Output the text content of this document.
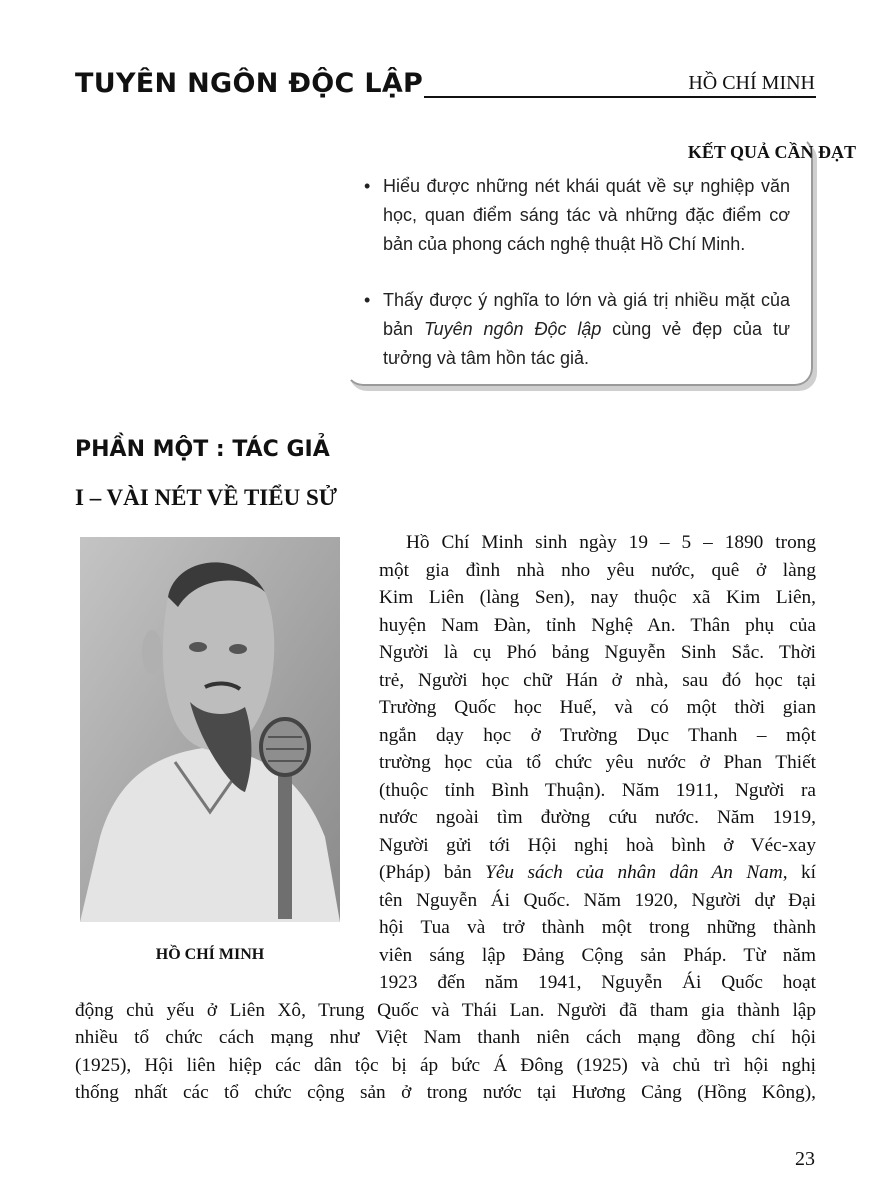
TUYÊN NGÔN ĐỘC LẬP	HỒ CHÍ MINH
KẾT QUẢ CẦN ĐẠT
• Hiểu được những nét khái quát về sự nghiệp văn học, quan điểm sáng tác và những đặc điểm cơ bản của phong cách nghệ thuật Hồ Chí Minh.
• Thấy được ý nghĩa to lớn và giá trị nhiều mặt của bản Tuyên ngôn Độc lập cùng vẻ đẹp của tư tưởng và tâm hồn tác giả.
PHẦN MỘT : TÁC GIẢ
I – VÀI NÉT VỀ TIỂU SỬ
HỒ CHÍ MINH
Hồ Chí Minh sinh ngày 19 – 5 – 1890 trong
một gia đình nhà nho yêu nước, quê ở làng
Kim Liên (làng Sen), nay thuộc xã Kim Liên,
huyện Nam Đàn, tỉnh Nghệ An. Thân phụ của
Người là cụ Phó bảng Nguyễn Sinh Sắc. Thời
trẻ, Người học chữ Hán ở nhà, sau đó học tại
Trường Quốc học Huế, và có một thời gian
ngắn dạy học ở Trường Dục Thanh – một
trường học của tổ chức yêu nước ở Phan Thiết
(thuộc tỉnh Bình Thuận). Năm 1911, Người ra
nước ngoài tìm đường cứu nước. Năm 1919,
Người gửi tới Hội nghị hoà bình ở Véc-xay
(Pháp) bản Yêu sách của nhân dân An Nam, kí
tên Nguyễn Ái Quốc. Năm 1920, Người dự Đại
hội Tua và trở thành một trong những thành
viên sáng lập Đảng Cộng sản Pháp. Từ năm
1923 đến năm 1941, Nguyễn Ái Quốc hoạt
động chủ yếu ở Liên Xô, Trung Quốc và Thái Lan. Người đã tham gia thành lập
nhiều tổ chức cách mạng như Việt Nam thanh niên cách mạng đồng chí hội
(1925), Hội liên hiệp các dân tộc bị áp bức Á Đông (1925) và chủ trì hội nghị
thống nhất các tổ chức cộng sản ở trong nước tại Hương Cảng (Hồng Kông),
23
